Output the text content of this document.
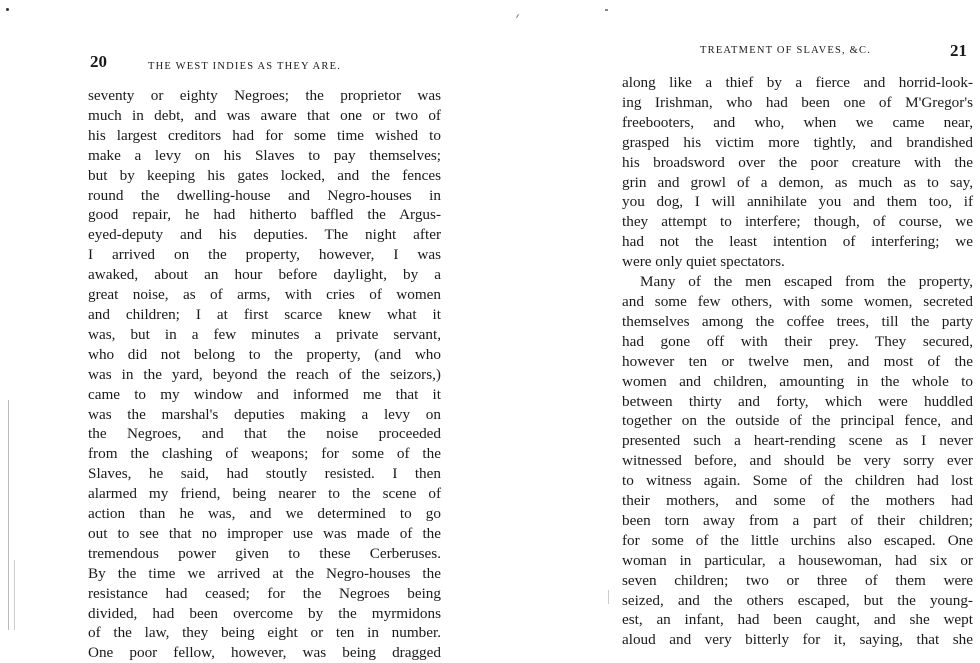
20	THE WEST INDIES AS THEY ARE.
seventy or eighty Negroes; the proprietor was
much in debt, and was aware that one or two of
his largest creditors had for some time wished to
make a levy on his Slaves to pay themselves;
but by keeping his gates locked, and the fences
round the dwelling-house and Negro-houses in
good repair, he had hitherto baffled the Argus-
eyed-deputy and his deputies. The night after
I arrived on the property, however, I was
awaked, about an hour before daylight, by a
great noise, as of arms, with cries of women
and children; I at first scarce knew what it
was, but in a few minutes a private servant,
who did not belong to the property, (and who
was in the yard, beyond the reach of the seizors,)
came to my window and informed me that it
was the marshal's deputies making a levy on
the Negroes, and that the noise proceeded
from the clashing of weapons; for some of the
Slaves, he said, had stoutly resisted. I then
alarmed my friend, being nearer to the scene of
action than he was, and we determined to go
out to see that no improper use was made of the
tremendous power given to these Cerberuses.
By the time we arrived at the Negro-houses the
resistance had ceased; for the Negroes being
divided, had been overcome by the myrmidons
of the law, they being eight or ten in number.
One poor fellow, however, was being dragged
TREATMENT OF SLAVES, &C.	21
along like a thief by a fierce and horrid-look-
ing Irishman, who had been one of M'Gregor's
freebooters, and who, when we came near,
grasped his victim more tightly, and brandished
his broadsword over the poor creature with the
grin and growl of a demon, as much as to say,
you dog, I will annihilate you and them too, if
they attempt to interfere; though, of course, we
had not the least intention of interfering; we
were only quiet spectators.
Many of the men escaped from the property,
and some few others, with some women, secreted
themselves among the coffee trees, till the party
had gone off with their prey. They secured,
however ten or twelve men, and most of the
women and children, amounting in the whole to
between thirty and forty, which were huddled
together on the outside of the principal fence, and
presented such a heart-rending scene as I never
witnessed before, and should be very sorry ever
to witness again. Some of the children had lost
their mothers, and some of the mothers had
been torn away from a part of their children;
for some of the little urchins also escaped. One
woman in particular, a housewoman, had six or
seven children; two or three of them were
seized, and the others escaped, but the young-
est, an infant, had been caught, and she wept
aloud and very bitterly for it, saying, that she
